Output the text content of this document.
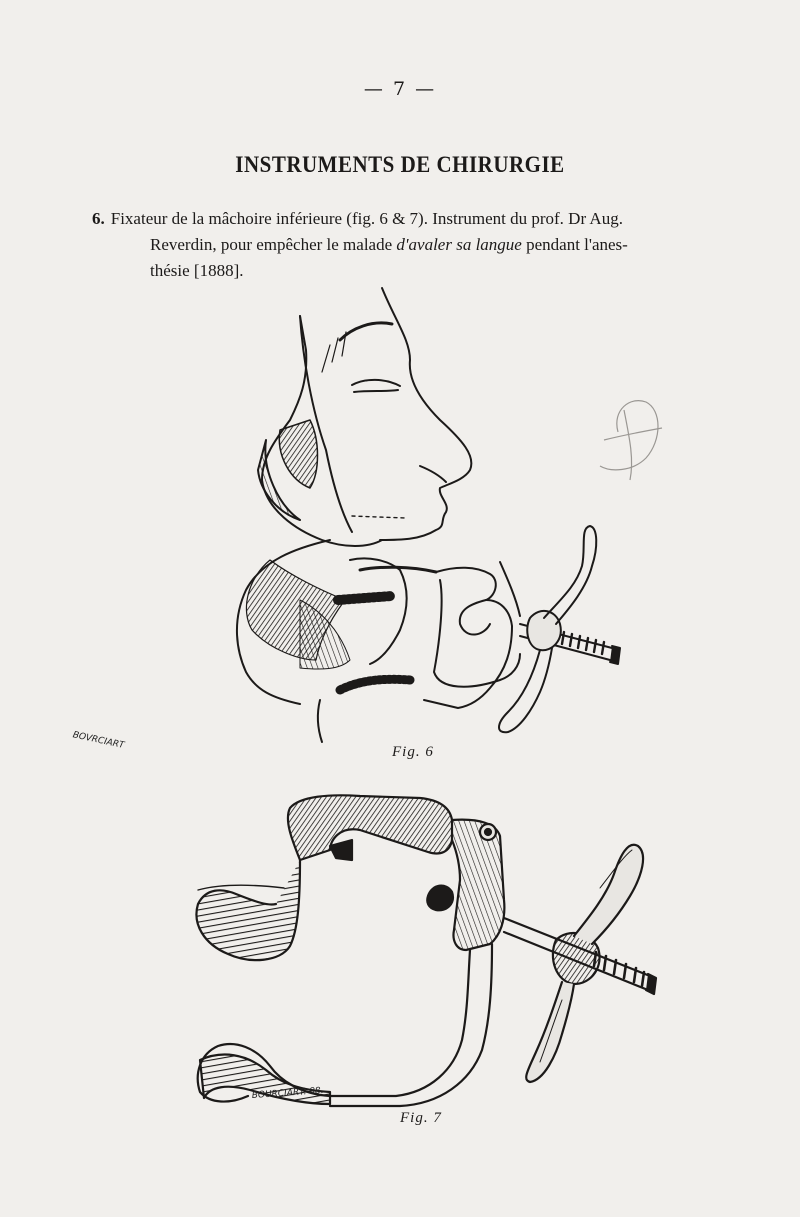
— 7 —
INSTRUMENTS DE CHIRURGIE
6. Fixateur de la mâchoire inférieure (fig. 6 & 7). Instrument du prof. Dr Aug.
Reverdin, pour empêcher le malade d'avaler sa langue pendant l'anes-
thésie [1888].
BOVRCIART
BOURCIART. 88.
Fig. 6
Fig. 7
